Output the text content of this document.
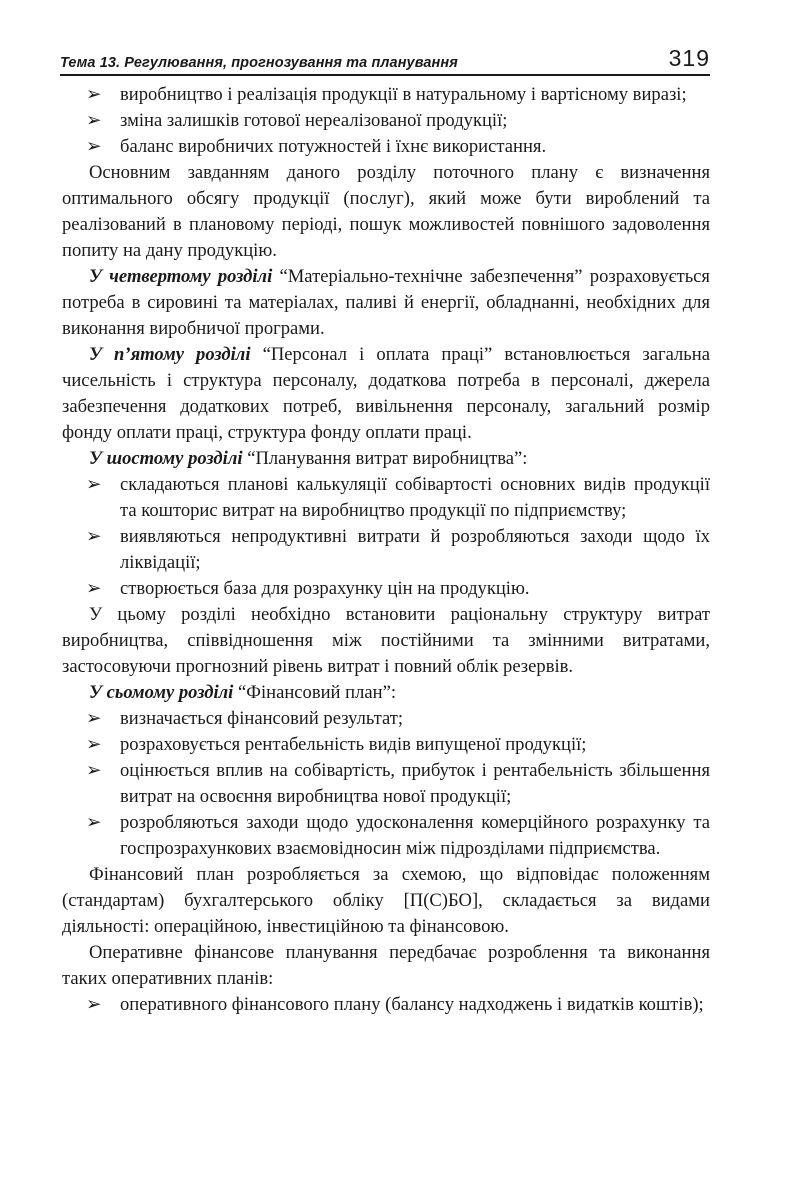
Тема 13. Регулювання, прогнозування та планування	319
➢ виробництво і реалізація продукції в натуральному і вартісному виразі;
➢ зміна залишків готової нереалізованої продукції;
➢ баланс виробничих потужностей і їхнє використання.
Основним завданням даного розділу поточного плану є визначення оптимального обсягу продукції (послуг), який може бути вироблений та реалізований в плановому періоді, пошук можливостей повнішого задоволення попиту на дану продукцію.
У четвертому розділі “Матеріально-технічне забезпечення” розраховується потреба в сировині та матеріалах, паливі й енергії, обладнанні, необхідних для виконання виробничої програми.
У п’ятому розділі “Персонал і оплата праці” встановлюється загальна чисельність і структура персоналу, додаткова потреба в персоналі, джерела забезпечення додаткових потреб, вивільнення персоналу, загальний розмір фонду оплати праці, структура фонду оплати праці.
У шостому розділі “Планування витрат виробництва”:
➢ складаються планові калькуляції собівартості основних видів продукції та кошторис витрат на виробництво продукції по підприємству;
➢ виявляються непродуктивні витрати й розробляються заходи щодо їх ліквідації;
➢ створюється база для розрахунку цін на продукцію.
У цьому розділі необхідно встановити раціональну структуру витрат виробництва, співвідношення між постійними та змінними витратами, застосовуючи прогнозний рівень витрат і повний облік резервів.
У сьомому розділі “Фінансовий план”:
➢ визначається фінансовий результат;
➢ розраховується рентабельність видів випущеної продукції;
➢ оцінюється вплив на собівартість, прибуток і рентабельність збільшення витрат на освоєння виробництва нової продукції;
➢ розробляються заходи щодо удосконалення комерційного розрахунку та госпрозрахункових взаємовідносин між підрозділами підприємства.
Фінансовий план розробляється за схемою, що відповідає положенням (стандартам) бухгалтерського обліку [П(С)БО], складається за видами діяльності: операційною, інвестиційною та фінансовою.
Оперативне фінансове планування передбачає розроблення та виконання таких оперативних планів:
➢ оперативного фінансового плану (балансу надходжень і видатків коштів);
